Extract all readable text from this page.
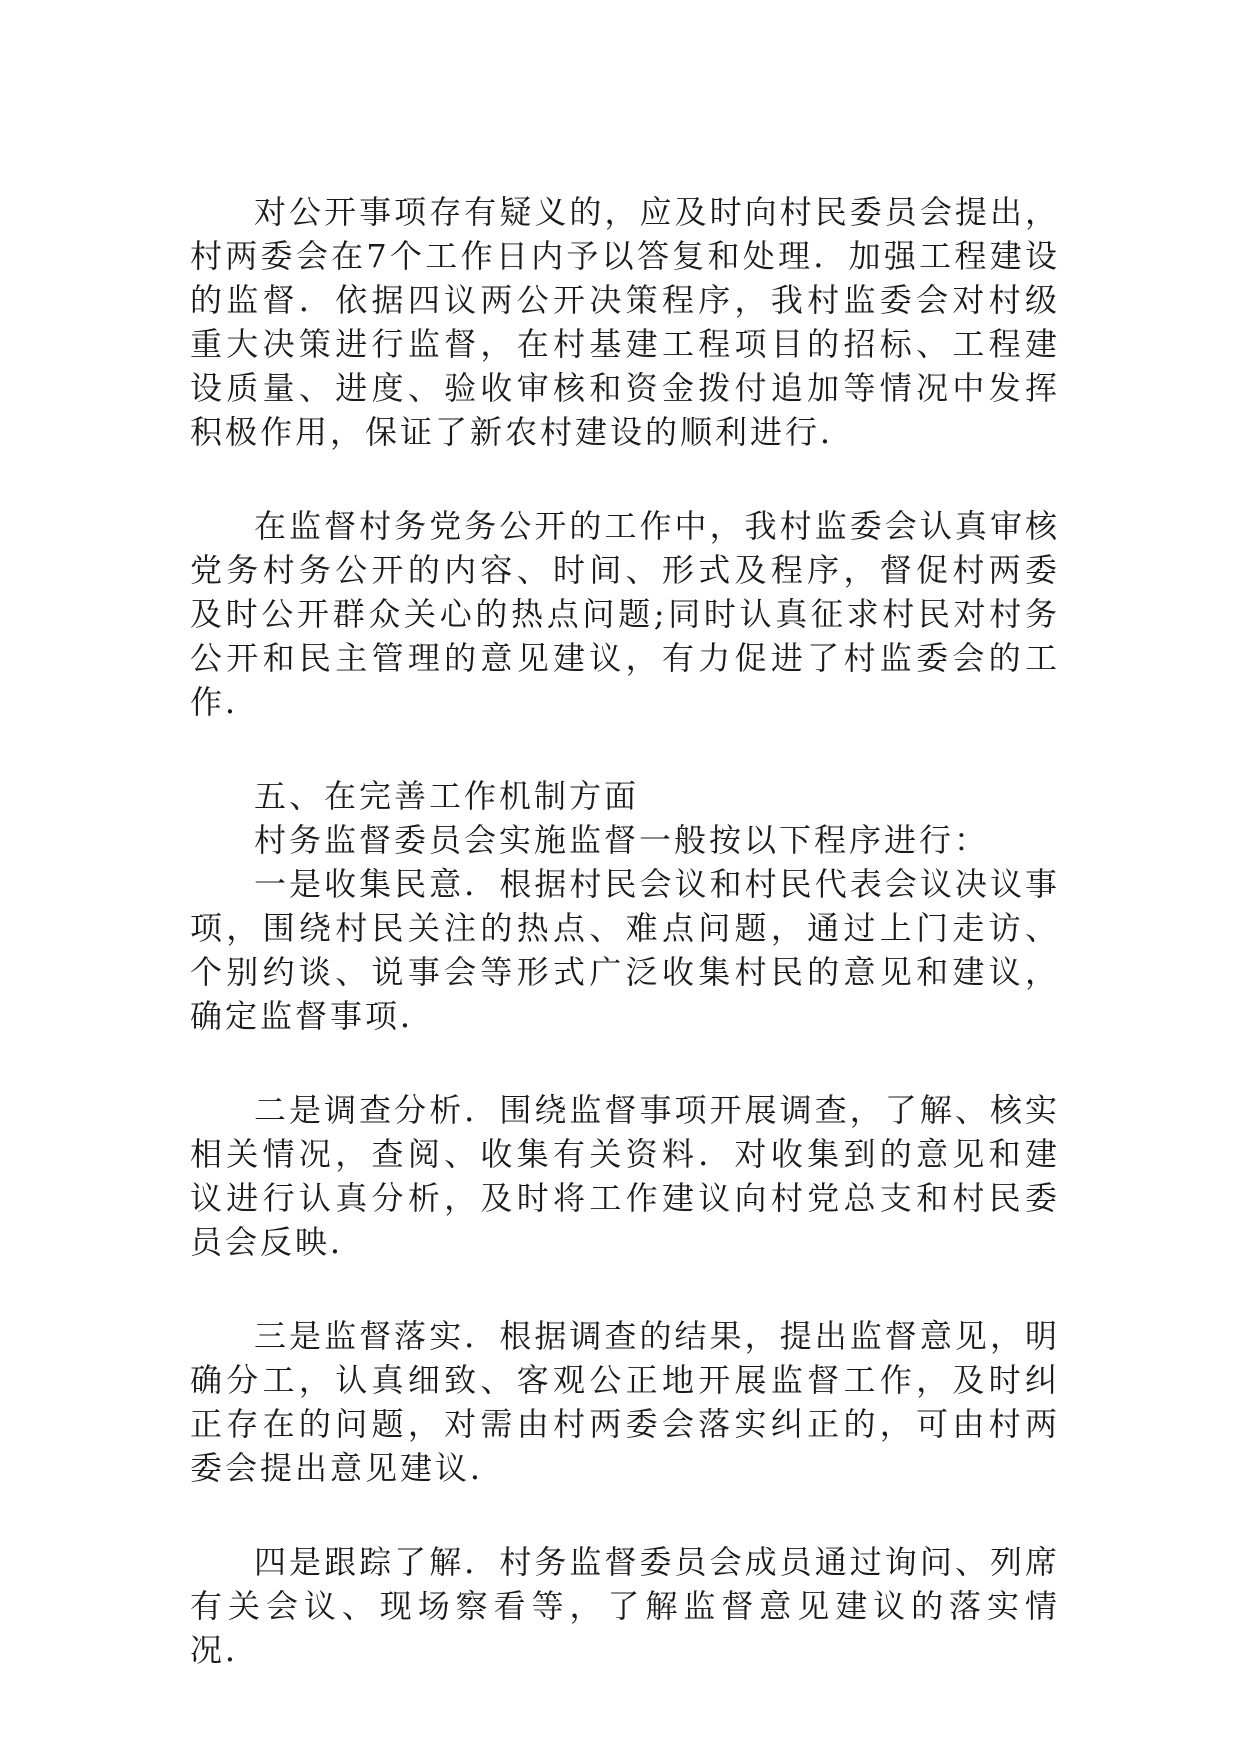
对公开事项存有疑义的，应及时向村民委员会提出，村两委会在7个工作日内予以答复和处理．加强工程建设的监督．依据四议两公开决策程序，我村监委会对村级重大决策进行监督，在村基建工程项目的招标、工程建设质量、进度、验收审核和资金拨付追加等情况中发挥积极作用，保证了新农村建设的顺利进行．

在监督村务党务公开的工作中，我村监委会认真审核党务村务公开的内容、时间、形式及程序，督促村两委及时公开群众关心的热点问题;同时认真征求村民对村务公开和民主管理的意见建议，有力促进了村监委会的工作．

五、在完善工作机制方面

村务监督委员会实施监督一般按以下程序进行：

一是收集民意．根据村民会议和村民代表会议决议事项，围绕村民关注的热点、难点问题，通过上门走访、个别约谈、说事会等形式广泛收集村民的意见和建议，确定监督事项．

二是调查分析．围绕监督事项开展调查，了解、核实相关情况，查阅、收集有关资料．对收集到的意见和建议进行认真分析，及时将工作建议向村党总支和村民委员会反映．

三是监督落实．根据调查的结果，提出监督意见，明确分工，认真细致、客观公正地开展监督工作，及时纠正存在的问题，对需由村两委会落实纠正的，可由村两委会提出意见建议．

四是跟踪了解．村务监督委员会成员通过询问、列席有关会议、现场察看等，了解监督意见建议的落实情况．
